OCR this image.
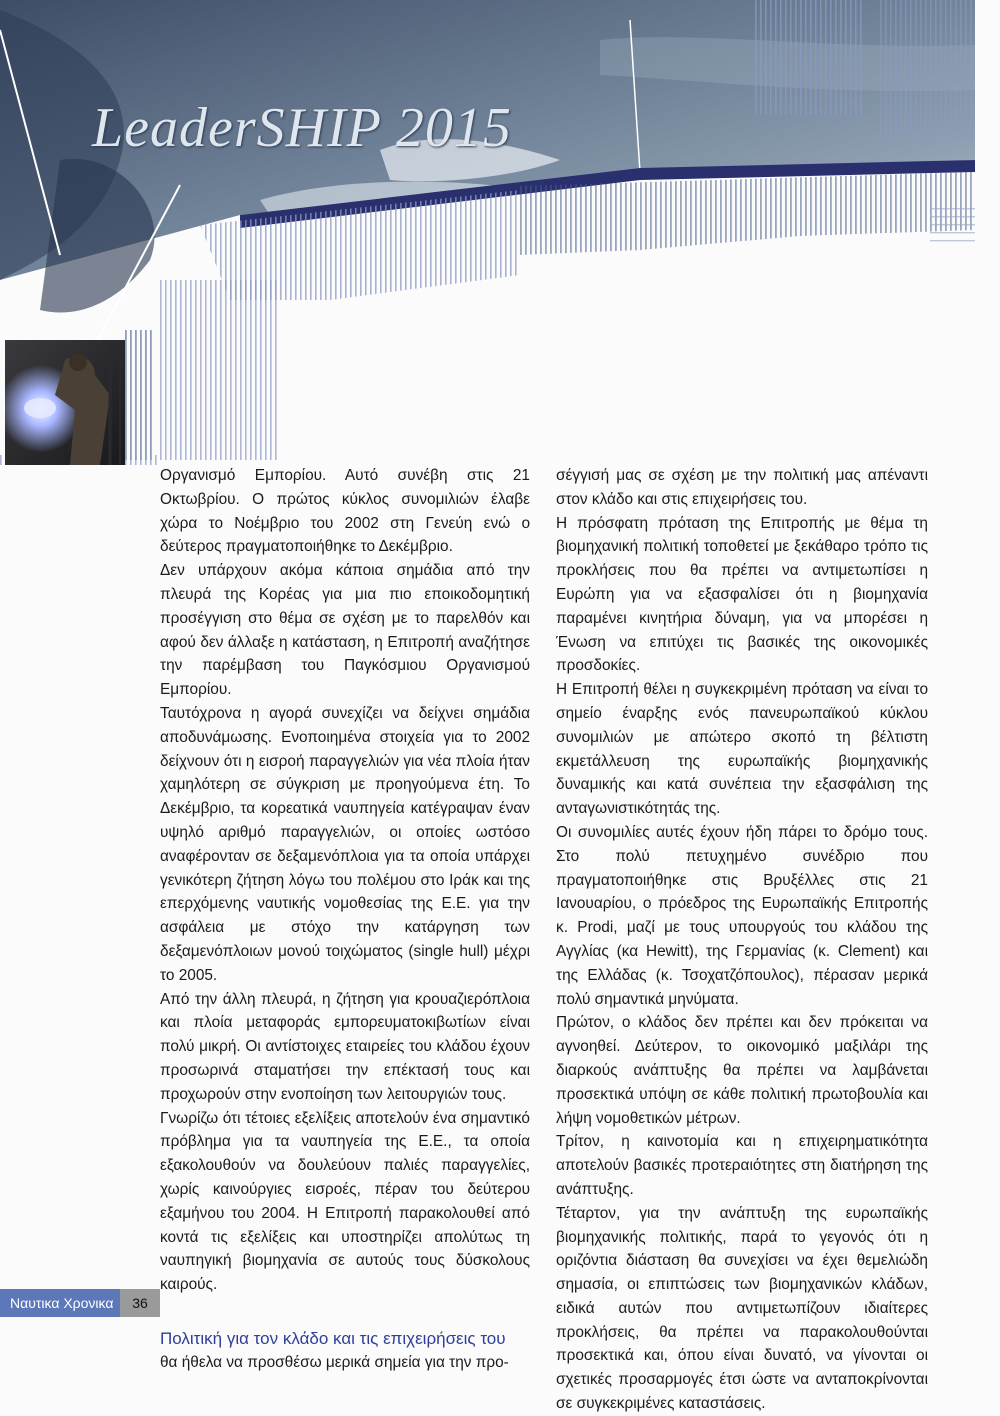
LeaderSHIP 2015

Οργανισμό Εμπορίου. Αυτό συνέβη στις 21 Οκτωβρίου. Ο πρώτος κύκλος συνομιλιών έλαβε χώρα το Νοέμβριο του 2002 στη Γενεύη ενώ ο δεύτερος πραγματοποιήθηκε το Δεκέμβριο.

Δεν υπάρχουν ακόμα κάποια σημάδια από την πλευρά της Κορέας για μια πιο εποικοδομητική προσέγγιση στο θέμα σε σχέση με το παρελθόν και αφού δεν άλλαξε η κατάσταση, η Επιτροπή αναζήτησε την παρέμβαση του Παγκόσμιου Οργανισμού Εμπορίου.

Ταυτόχρονα η αγορά συνεχίζει να δείχνει σημάδια αποδυνάμωσης. Ενοποιημένα στοιχεία για το 2002 δείχνουν ότι η εισροή παραγγελιών για νέα πλοία ήταν χαμηλότερη σε σύγκριση με προηγούμενα έτη. Το Δεκέμβριο, τα κορεατικά ναυπηγεία κατέγραψαν έναν υψηλό αριθμό παραγγελιών, οι οποίες ωστόσο αναφέρονταν σε δεξαμενόπλοια για τα οποία υπάρχει γενικότερη ζήτηση λόγω του πολέμου στο Ιράκ και της επερχόμενης ναυτικής νομοθεσίας της Ε.Ε. για την ασφάλεια με στόχο την κατάργηση των δεξαμενόπλοιων μονού τοιχώματος (single hull) μέχρι το 2005.

Από την άλλη πλευρά, η ζήτηση για κρουαζιερόπλοια και πλοία μεταφοράς εμπορευματοκιβωτίων είναι πολύ μικρή. Οι αντίστοιχες εταιρείες του κλάδου έχουν προσωρινά σταματήσει την επέκτασή τους και προχωρούν στην ενοποίηση των λειτουργιών τους.

Γνωρίζω ότι τέτοιες εξελίξεις αποτελούν ένα σημαντικό πρόβλημα για τα ναυπηγεία της Ε.Ε., τα οποία εξακολουθούν να δουλεύουν παλιές παραγγελίες, χωρίς καινούργιες εισροές, πέραν του δεύτερου εξαμήνου του 2004. Η Επιτροπή παρακολουθεί από κοντά τις εξελίξεις και υποστηρίζει απολύτως τη ναυπηγική βιομηχανία σε αυτούς τους δύσκολους καιρούς.

Πολιτική για τον κλάδο και τις επιχειρήσεις του

θα ήθελα να προσθέσω μερικά σημεία για την προ-

σέγγισή μας σε σχέση με την πολιτική μας απέναντι στον κλάδο και στις επιχειρήσεις του.

Η πρόσφατη πρόταση της Επιτροπής με θέμα τη βιομηχανική πολιτική τοποθετεί με ξεκάθαρο τρόπο τις προκλήσεις που θα πρέπει να αντιμετωπίσει η Ευρώπη για να εξασφαλίσει ότι η βιομηχανία παραμένει κινητήρια δύναμη, για να μπορέσει η Ένωση να επιτύχει τις βασικές της οικονομικές προσδοκίες.

Η Επιτροπή θέλει η συγκεκριμένη πρόταση να είναι το σημείο έναρξης ενός πανευρωπαϊκού κύκλου συνομιλιών με απώτερο σκοπό τη βέλτιστη εκμετάλλευση της ευρωπαϊκής βιομηχανικής δυναμικής και κατά συνέπεια την εξασφάλιση της ανταγωνιστικότητάς της.

Οι συνομιλίες αυτές έχουν ήδη πάρει το δρόμο τους. Στο πολύ πετυχημένο συνέδριο που πραγματοποιήθηκε στις Βρυξέλλες στις 21 Ιανουαρίου, ο πρόεδρος της Ευρωπαϊκής Επιτροπής κ. Prodi, μαζί με τους υπουργούς του κλάδου της Αγγλίας (κα Hewitt), της Γερμανίας (κ. Clement) και της Ελλάδας (κ. Τσοχατζόπουλος), πέρασαν μερικά πολύ σημαντικά μηνύματα.

Πρώτον, ο κλάδος δεν πρέπει και δεν πρόκειται να αγνοηθεί. Δεύτερον, το οικονομικό μαξιλάρι της διαρκούς ανάπτυξης θα πρέπει να λαμβάνεται προσεκτικά υπόψη σε κάθε πολιτική πρωτοβουλία και λήψη νομοθετικών μέτρων.

Τρίτον, η καινοτομία και η επιχειρηματικότητα αποτελούν βασικές προτεραιότητες στη διατήρηση της ανάπτυξης.

Τέταρτον, για την ανάπτυξη της ευρωπαϊκής βιομηχανικής πολιτικής, παρά το γεγονός ότι η οριζόντια διάσταση θα συνεχίσει να έχει θεμελιώδη σημασία, οι επιπτώσεις των βιομηχανικών κλάδων, ειδικά αυτών που αντιμετωπίζουν ιδιαίτερες προκλήσεις, θα πρέπει να παρακολουθούνται προσεκτικά και, όπου είναι δυνατό, να γίνονται οι σχετικές προσαρμογές έτσι ώστε να ανταποκρίνονται σε συγκεκριμένες καταστάσεις.

Ναυτικα Χρονικα	36
